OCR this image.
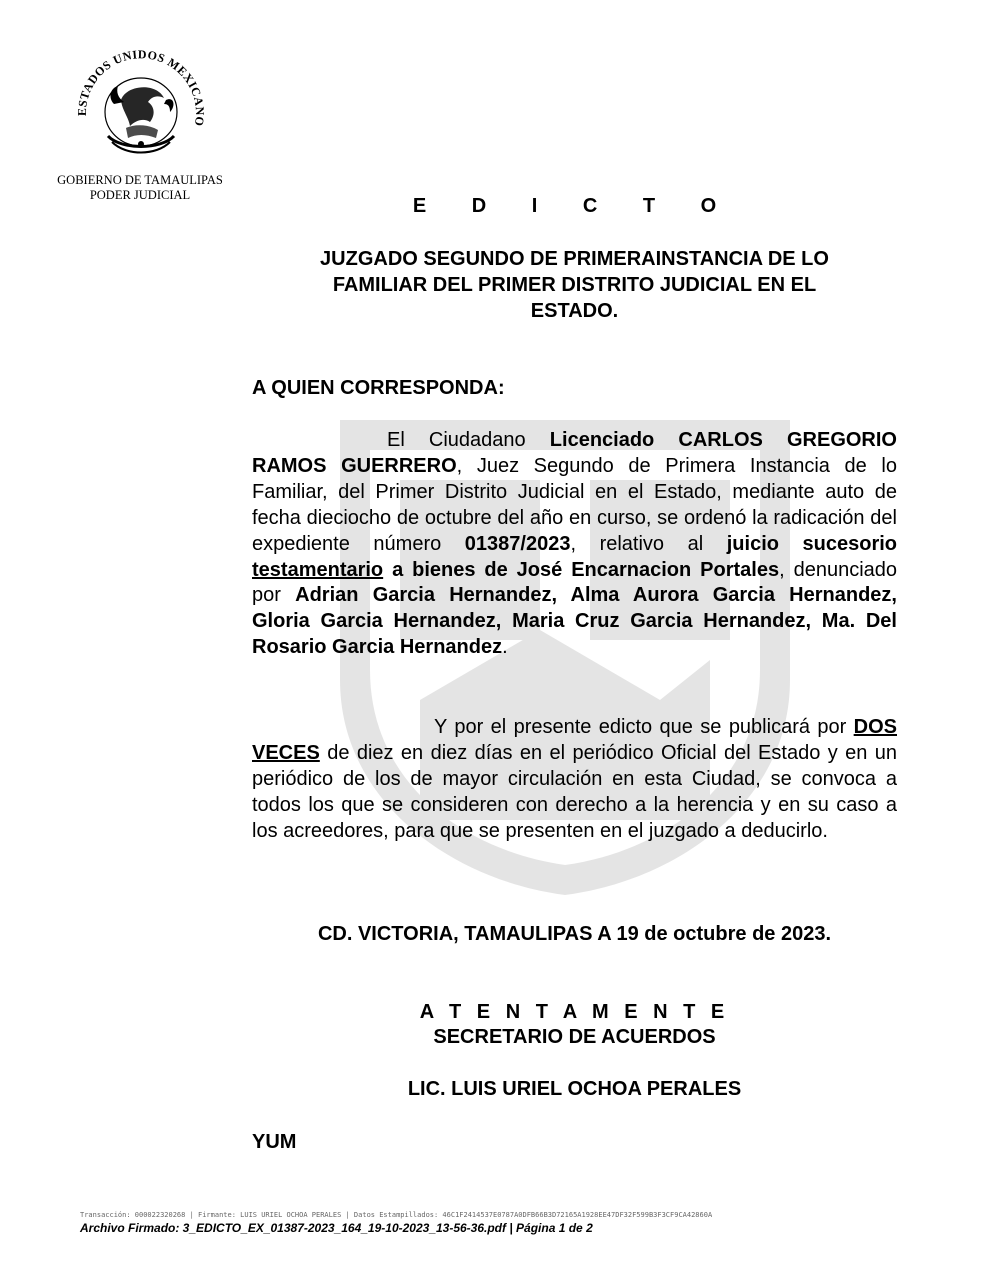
ESTADOS UNIDOS MEXICANO
GOBIERNO DE TAMAULIPAS
PODER JUDICIAL	E D I C T O
JUZGADO SEGUNDO DE PRIMERAINSTANCIA DE LO
FAMILIAR DEL PRIMER DISTRITO JUDICIAL EN EL
ESTADO.
A QUIEN CORRESPONDA:
El Ciudadano Licenciado CARLOS GREGORIO RAMOS GUERRERO, Juez Segundo de Primera Instancia de lo Familiar, del Primer Distrito Judicial en el Estado, mediante auto de fecha dieciocho de octubre del año en curso, se ordenó la radicación del expediente número 01387/2023, relativo al juicio sucesorio testamentario a bienes de José Encarnacion Portales, denunciado por Adrian Garcia Hernandez, Alma Aurora Garcia Hernandez, Gloria Garcia Hernandez, Maria Cruz Garcia Hernandez, Ma. Del Rosario Garcia Hernandez.
Y por el presente edicto que se publicará por DOS VECES de diez en diez días en el periódico Oficial del Estado y en un periódico de los de mayor circulación en esta Ciudad, se convoca a todos los que se consideren con derecho a la herencia y en su caso a los acreedores, para que se presenten en el juzgado a deducirlo.
CD. VICTORIA, TAMAULIPAS A 19 de octubre de 2023.
A T E N T A M E N T E
SECRETARIO DE ACUERDOS
LIC. LUIS URIEL OCHOA PERALES
YUM
Transacción: 000022320268 | Firmante: LUIS URIEL OCHOA PERALES | Datos Estampillados: 46C1F2414537E0787A0DFB66B3D72165A1928EE47DF32F599B3F3CF9CA42860A
Archivo Firmado: 3_EDICTO_EX_01387-2023_164_19-10-2023_13-56-36.pdf | Página 1 de 2
